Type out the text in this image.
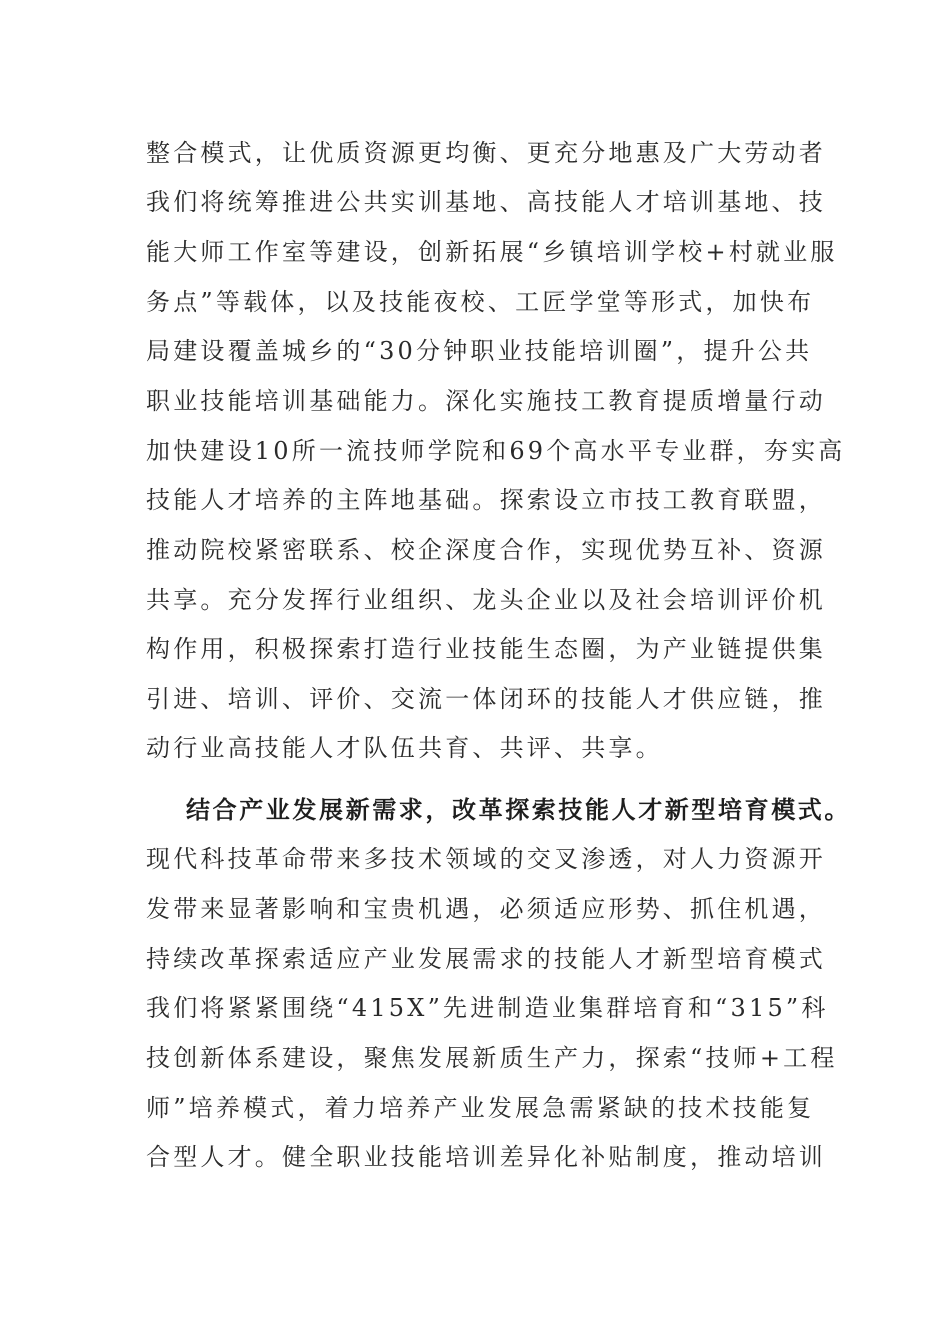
整合模式，让优质资源更均衡、更充分地惠及广大劳动者
我们将统筹推进公共实训基地、高技能人才培训基地、技
能大师工作室等建设，创新拓展“乡镇培训学校+村就业服
务点”等载体，以及技能夜校、工匠学堂等形式，加快布
局建设覆盖城乡的“30分钟职业技能培训圈”，提升公共
职业技能培训基础能力。深化实施技工教育提质增量行动
加快建设10所一流技师学院和69个高水平专业群，夯实高
技能人才培养的主阵地基础。探索设立市技工教育联盟，
推动院校紧密联系、校企深度合作，实现优势互补、资源
共享。充分发挥行业组织、龙头企业以及社会培训评价机
构作用，积极探索打造行业技能生态圈，为产业链提供集
引进、培训、评价、交流一体闭环的技能人才供应链，推
动行业高技能人才队伍共育、共评、共享。
结合产业发展新需求，改革探索技能人才新型培育模式。
现代科技革命带来多技术领域的交叉渗透，对人力资源开
发带来显著影响和宝贵机遇，必须适应形势、抓住机遇，
持续改革探索适应产业发展需求的技能人才新型培育模式
我们将紧紧围绕“415X”先进制造业集群培育和“315”科
技创新体系建设，聚焦发展新质生产力，探索“技师+工程
师”培养模式，着力培养产业发展急需紧缺的技术技能复
合型人才。健全职业技能培训差异化补贴制度，推动培训
